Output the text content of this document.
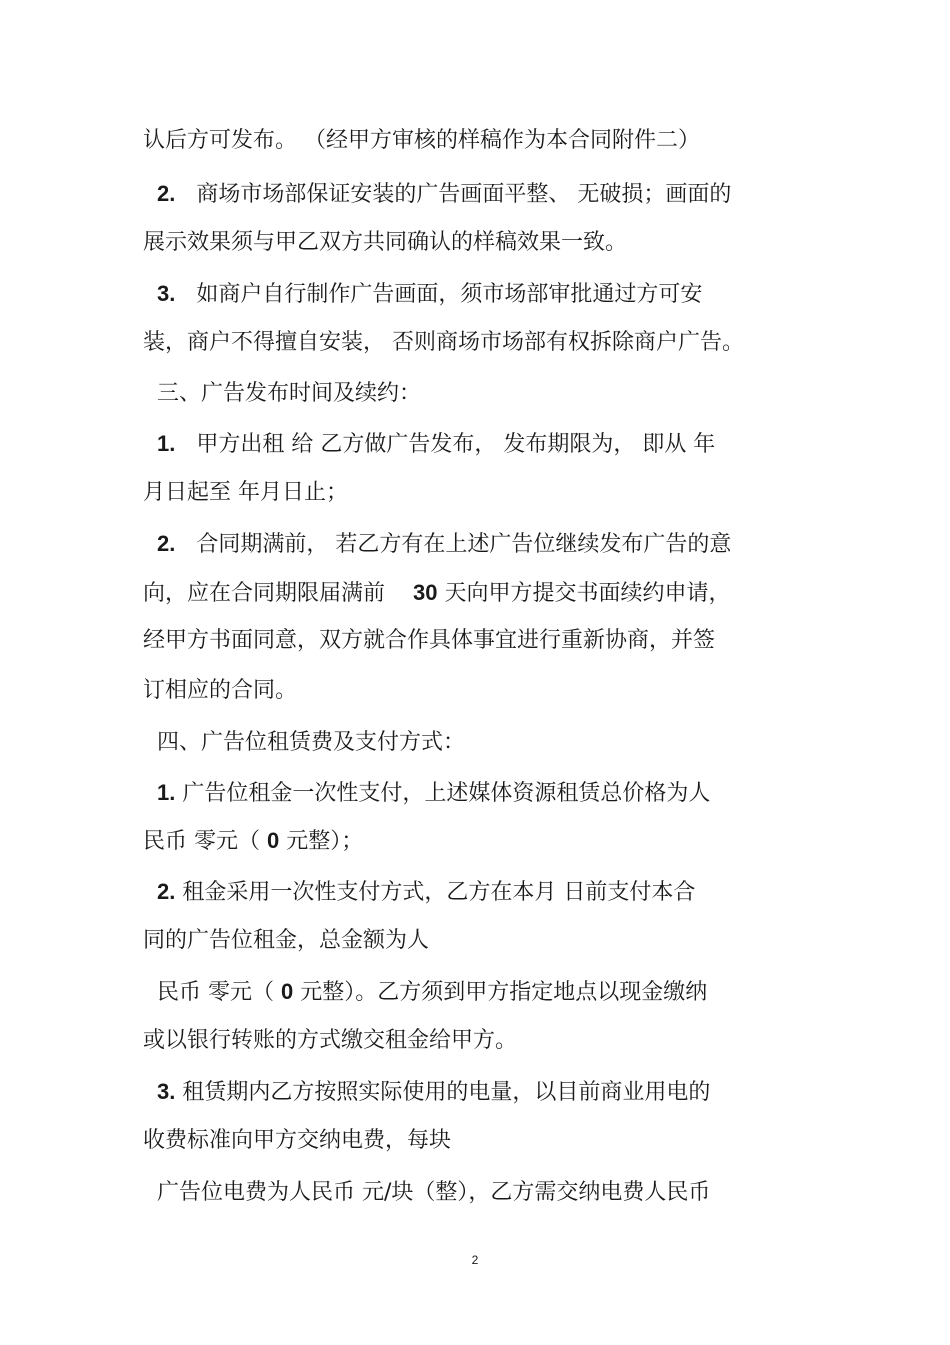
认后方可发布。 （经甲方审核的样稿作为本合同附件二）
2. 商场市场部保证安装的广告画面平整、 无破损；画面的
展示效果须与甲乙双方共同确认的样稿效果一致。
3. 如商户自行制作广告画面，须市场部审批通过方可安
装，商户不得擅自安装， 否则商场市场部有权拆除商户广告。
三、广告发布时间及续约：
1. 甲方出租 给 乙方做广告发布， 发布期限为， 即从 年
月日起至 年月日止；
2. 合同期满前， 若乙方有在上述广告位继续发布广告的意
向，应在合同期限届满前 30 天向甲方提交书面续约申请，
经甲方书面同意，双方就合作具体事宜进行重新协商，并签
订相应的合同。
四、广告位租赁费及支付方式：
1. 广告位租金一次性支付，上述媒体资源租赁总价格为人
民币 零元（ 0 元整）；
2. 租金采用一次性支付方式，乙方在本月 日前支付本合
同的广告位租金，总金额为人
民币 零元（ 0 元整）。乙方须到甲方指定地点以现金缴纳
或以银行转账的方式缴交租金给甲方。
3. 租赁期内乙方按照实际使用的电量，以目前商业用电的
收费标准向甲方交纳电费，每块
广告位电费为人民币 元/块（整），乙方需交纳电费人民币
2
